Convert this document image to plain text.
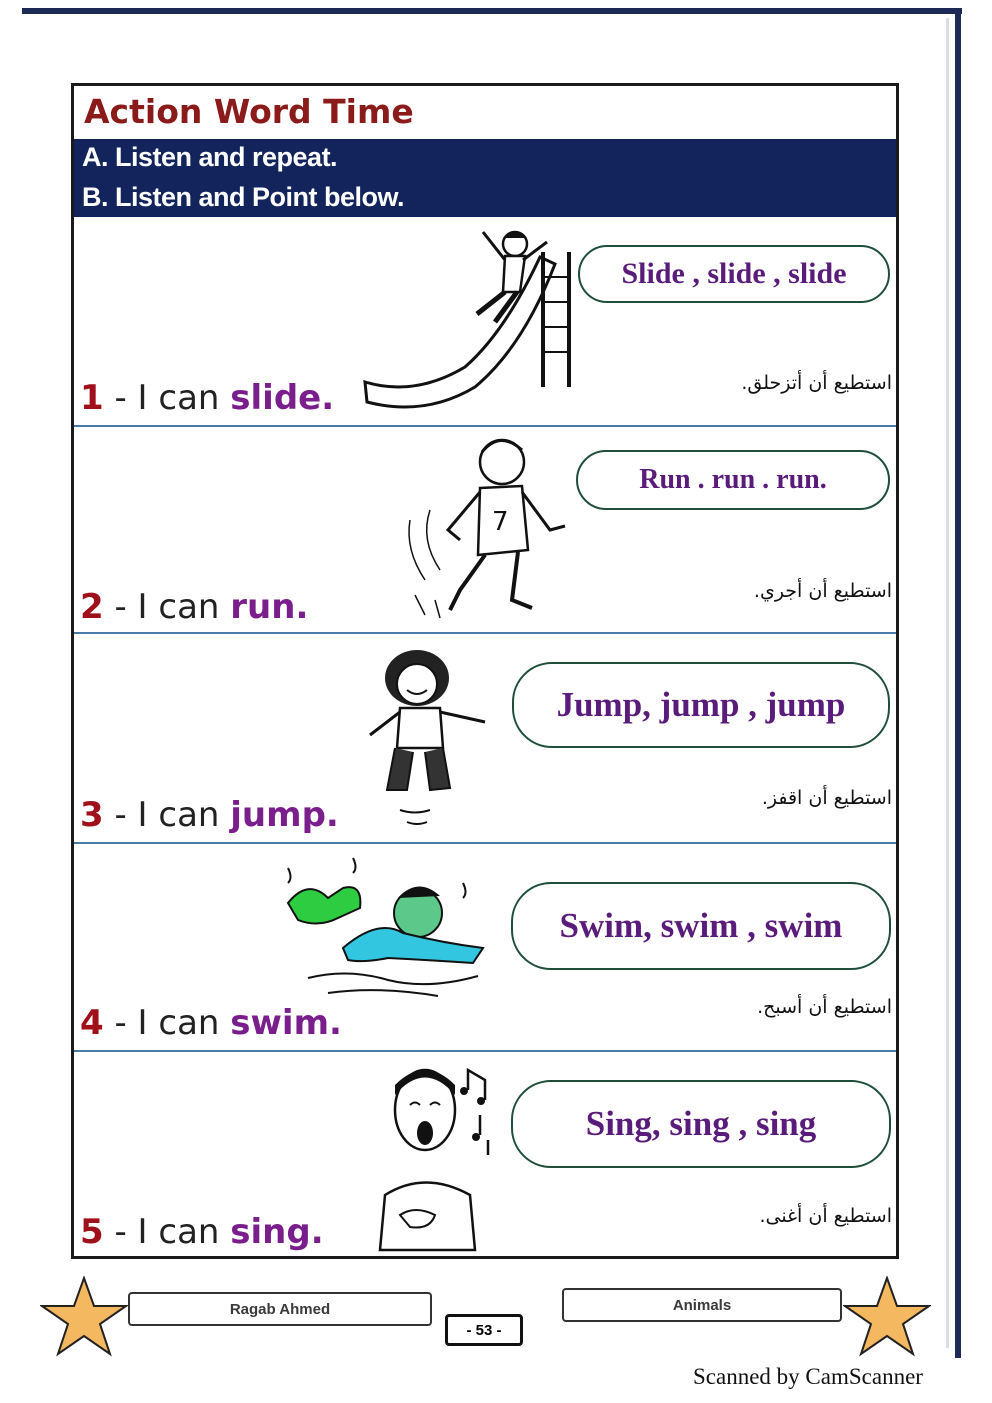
Action Word Time
A. Listen and repeat.
B. Listen and Point below.
Slide , slide , slide
استطيع أن أتزحلق.
1 - I can slide.
7
Run . run . run.
استطيع أن أجري.
2 - I can run.
Jump, jump , jump
استطيع أن اقفز.
3 - I can jump.
Swim, swim , swim
استطيع أن أسبح.
4 - I can swim.
Sing, sing , sing
استطيع أن أغنى.
5 - I can sing.
Ragab Ahmed
- 53 -
Animals
Scanned by CamScanner
